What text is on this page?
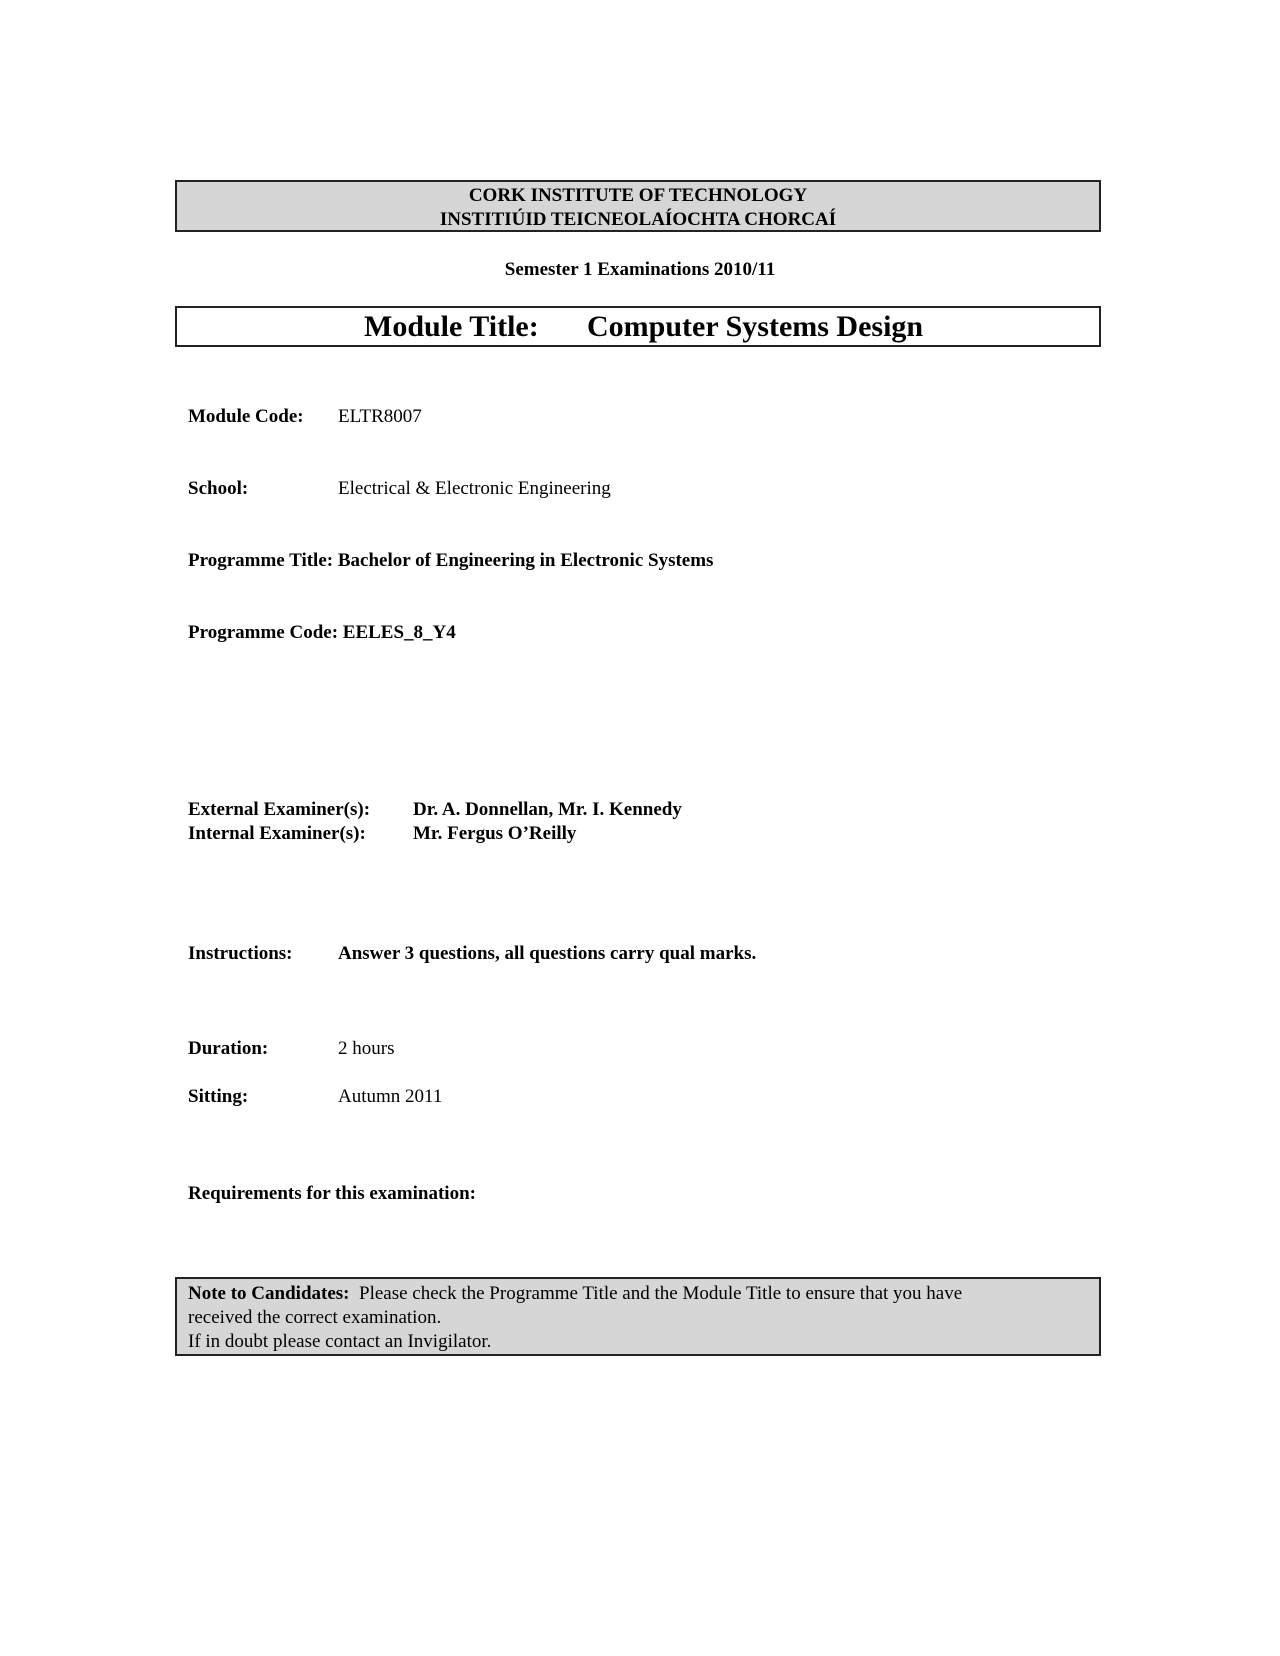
CORK INSTITUTE OF TECHNOLOGY
INSTITIÚID TEICNEOLAÍOCHTA CHORCAÍ
Semester 1 Examinations 2010/11
Module Title: Computer Systems Design
Module Code: ELTR8007
School:	Electrical & Electronic Engineering
Programme Title: Bachelor of Engineering in Electronic Systems
Programme Code: EELES_8_Y4
External Examiner(s): Dr. A. Donnellan, Mr. I. Kennedy
Internal Examiner(s): Mr. Fergus O’Reilly
Instructions: Answer 3 questions, all questions carry qual marks.
Duration:	2 hours
Sitting:	Autumn 2011
Requirements for this examination:
Note to Candidates: Please check the Programme Title and the Module Title to ensure that you have
received the correct examination.
If in doubt please contact an Invigilator.
